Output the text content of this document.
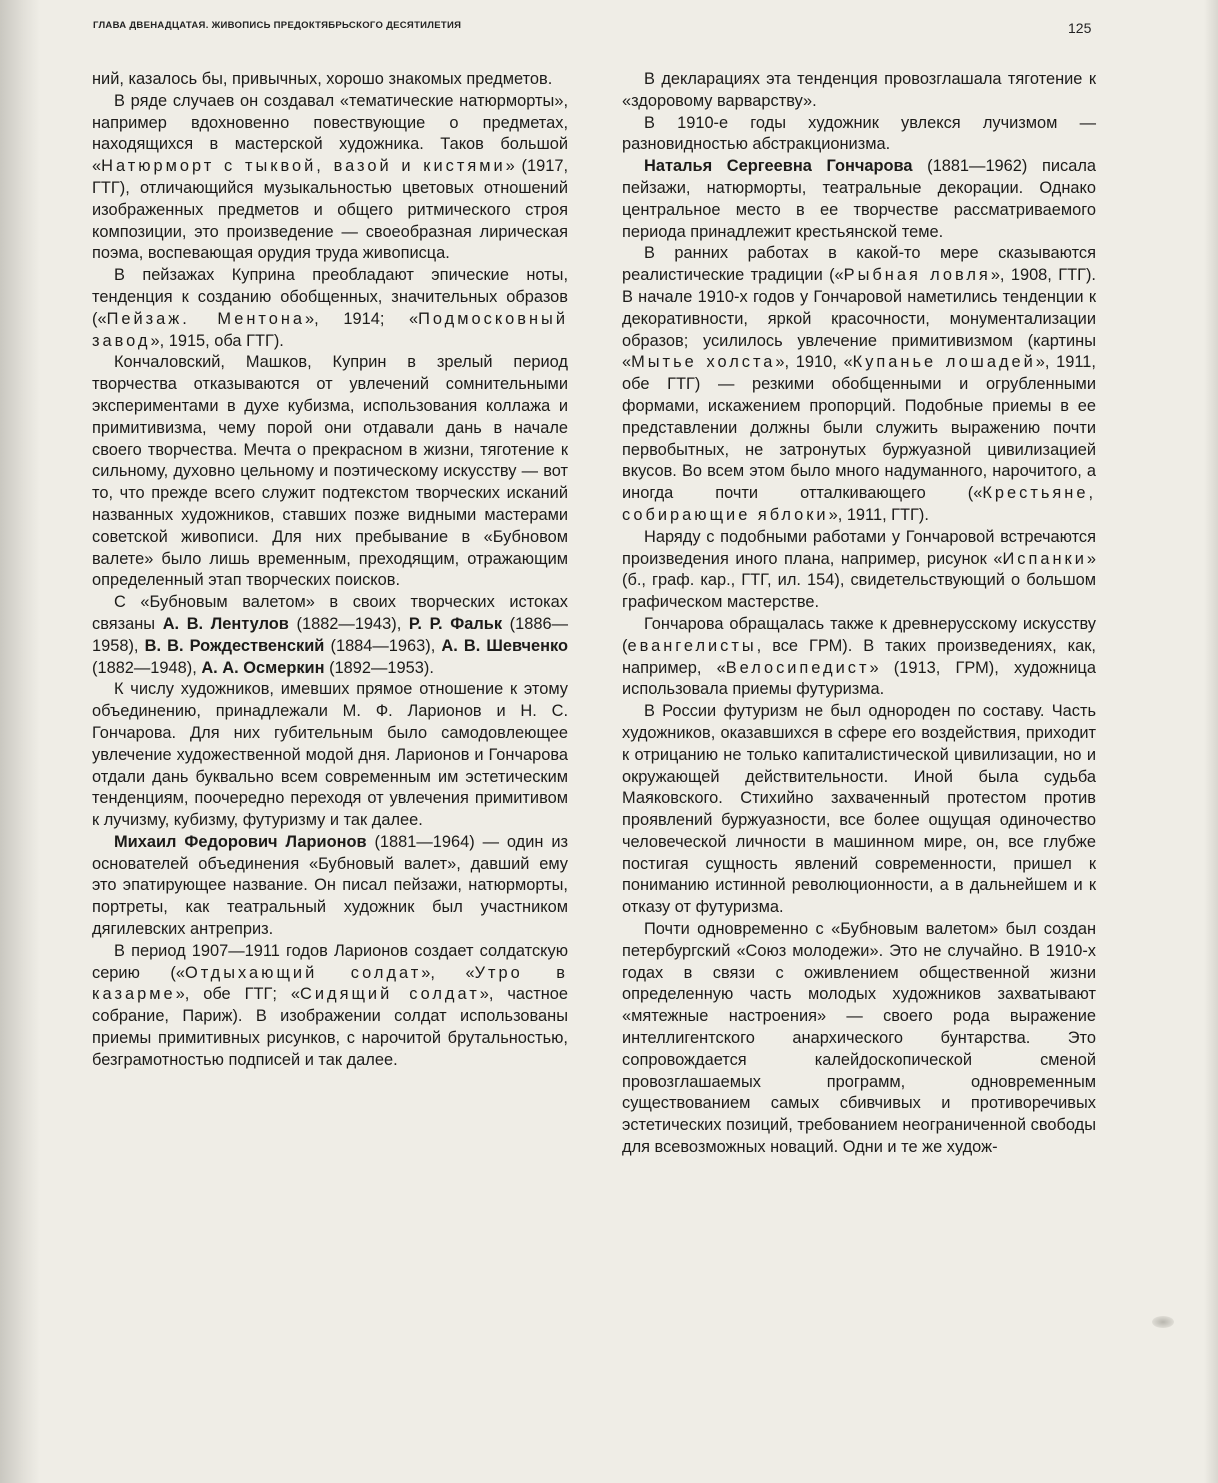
ГЛАВА ДВЕНАДЦАТАЯ. ЖИВОПИСЬ ПРЕДОКТЯБРЬСКОГО ДЕСЯТИЛЕТИЯ	125

ний, казалось бы, привычных, хорошо знакомых предметов.

В ряде случаев он создавал «тематические натюрморты», например вдохновенно повествующие о предметах, находящихся в мастерской художника. Таков большой «Натюрморт с тыквой, вазой и кистями» (1917, ГТГ), отличающийся музыкальностью цветовых отношений изображенных предметов и общего ритмического строя композиции, это произведение — своеобразная лирическая поэма, воспевающая орудия труда живописца.

В пейзажах Куприна преобладают эпические ноты, тенденция к созданию обобщенных, значительных образов («Пейзаж. Ментона», 1914; «Подмосковный завод», 1915, оба ГТГ).

Кончаловский, Машков, Куприн в зрелый период творчества отказываются от увлечений сомнительными экспериментами в духе кубизма, использования коллажа и примитивизма, чему порой они отдавали дань в начале своего творчества. Мечта о прекрасном в жизни, тяготение к сильному, духовно цельному и поэтическому искусству — вот то, что прежде всего служит подтекстом творческих исканий названных художников, ставших позже видными мастерами советской живописи. Для них пребывание в «Бубновом валете» было лишь временным, преходящим, отражающим определенный этап творческих поисков.

С «Бубновым валетом» в своих творческих истоках связаны А. В. Лентулов (1882—1943), Р. Р. Фальк (1886—1958), В. В. Рождественский (1884—1963), А. В. Шевченко (1882—1948), А. А. Осмеркин (1892—1953).

К числу художников, имевших прямое отношение к этому объединению, принадлежали М. Ф. Ларионов и Н. С. Гончарова. Для них губительным было самодовлеющее увлечение художественной модой дня. Ларионов и Гончарова отдали дань буквально всем современным им эстетическим тенденциям, поочередно переходя от увлечения примитивом к лучизму, кубизму, футуризму и так далее.

Михаил Федорович Ларионов (1881—1964) — один из основателей объединения «Бубновый валет», давший ему это эпатирующее название. Он писал пейзажи, натюрморты, портреты, как театральный художник был участником дягилевских антреприз.

В период 1907—1911 годов Ларионов создает солдатскую серию («Отдыхающий солдат», «Утро в казарме», обе ГТГ; «Сидящий солдат», частное собрание, Париж). В изображении солдат использованы приемы примитивных рисунков, с нарочитой брутальностью, безграмотностью подписей и так далее.

В декларациях эта тенденция провозглашала тяготение к «здоровому варварству».

В 1910-е годы художник увлекся лучизмом — разновидностью абстракционизма.

Наталья Сергеевна Гончарова (1881—1962) писала пейзажи, натюрморты, театральные декорации. Однако центральное место в ее творчестве рассматриваемого периода принадлежит крестьянской теме.

В ранних работах в какой-то мере сказываются реалистические традиции («Рыбная ловля», 1908, ГТГ). В начале 1910-х годов у Гончаровой наметились тенденции к декоративности, яркой красочности, монументализации образов; усилилось увлечение примитивизмом (картины «Мытье холста», 1910, «Купанье лошадей», 1911, обе ГТГ) — резкими обобщенными и огрубленными формами, искажением пропорций. Подобные приемы в ее представлении должны были служить выражению почти первобытных, не затронутых буржуазной цивилизацией вкусов. Во всем этом было много надуманного, нарочитого, а иногда почти отталкивающего («Крестьяне, собирающие яблоки», 1911, ГТГ).

Наряду с подобными работами у Гончаровой встречаются произведения иного плана, например, рисунок «Испанки» (б., граф. кар., ГТГ, ил. 154), свидетельствующий о большом графическом мастерстве.

Гончарова обращалась также к древнерусскому искусству (евангелисты, все ГРМ). В таких произведениях, как, например, «Велосипедист» (1913, ГРМ), художница использовала приемы футуризма.

В России футуризм не был однороден по составу. Часть художников, оказавшихся в сфере его воздействия, приходит к отрицанию не только капиталистической цивилизации, но и окружающей действительности. Иной была судьба Маяковского. Стихийно захваченный протестом против проявлений буржуазности, все более ощущая одиночество человеческой личности в машинном мире, он, все глубже постигая сущность явлений современности, пришел к пониманию истинной революционности, а в дальнейшем и к отказу от футуризма.

Почти одновременно с «Бубновым валетом» был создан петербургский «Союз молодежи». Это не случайно. В 1910-х годах в связи с оживлением общественной жизни определенную часть молодых художников захватывают «мятежные настроения» — своего рода выражение интеллигентского анархического бунтарства. Это сопровождается калейдоскопической сменой провозглашаемых программ, одновременным существованием самых сбивчивых и противоречивых эстетических позиций, требованием неограниченной свободы для всевозможных новаций. Одни и те же худож-
